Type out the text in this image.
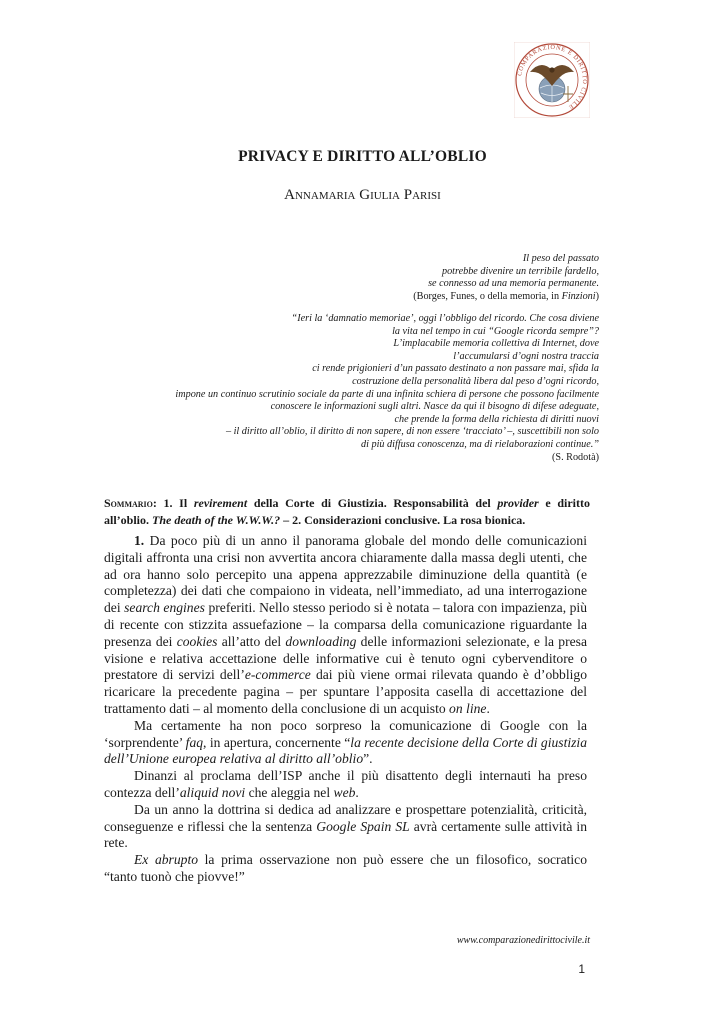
COMPARAZIONE E DIRITTO CIVILE
PRIVACY E DIRITTO ALL’OBLIO
Annamaria Giulia Parisi
Il peso del passato
potrebbe divenire un terribile fardello,
se connesso ad una memoria permanente.
(Borges, Funes, o della memoria, in Finzioni)
“Ieri la ‘damnatio memoriae’, oggi l’obbligo del ricordo. Che cosa diviene
la vita nel tempo in cui “Google ricorda sempre”?
L’implacabile memoria collettiva di Internet, dove
l’accumularsi d’ogni nostra traccia
ci rende prigionieri d’un passato destinato a non passare mai, sfida la
costruzione della personalità libera dal peso d’ogni ricordo,
impone un continuo scrutinio sociale da parte di una infinita schiera di persone che possono facilmente
conoscere le informazioni sugli altri. Nasce da qui il bisogno di difese adeguate,
che prende la forma della richiesta di diritti nuovi
– il diritto all’oblio, il diritto di non sapere, di non essere ‘tracciato’ –, suscettibili non solo
di più diffusa conoscenza, ma di rielaborazioni continue.”
(S. Rodotà)
Sommario: 1. Il revirement della Corte di Giustizia. Responsabilità del provider e diritto all’oblio. The death of the W.W.W.? – 2. Considerazioni conclusive. La rosa bionica.

1. Da poco più di un anno il panorama globale del mondo delle comunicazioni digitali affronta una crisi non avvertita ancora chiaramente dalla massa degli utenti, che ad ora hanno solo percepito una appena apprezzabile diminuzione della quantità (e completezza) dei dati che compaiono in videata, nell’immediato, ad una interrogazione dei search engines preferiti. Nello stesso periodo si è notata – talora con impazienza, più di recente con stizzita assuefazione – la comparsa della comunicazione riguardante la presenza dei cookies all’atto del downloading delle informazioni selezionate, e la presa visione e relativa accettazione delle informative cui è tenuto ogni cybervenditore o prestatore di servizi dell’e-commerce dai più viene ormai rilevata quando è d’obbligo ricaricare la precedente pagina – per spuntare l’apposita casella di accettazione del trattamento dati – al momento della conclusione di un acquisto on line.

Ma certamente ha non poco sorpreso la comunicazione di Google con la ‘sorprendente’ faq, in apertura, concernente “la recente decisione della Corte di giustizia dell’Unione europea relativa al diritto all’oblio”.

Dinanzi al proclama dell’ISP anche il più disattento degli internauti ha preso contezza dell’aliquid novi che aleggia nel web.

Da un anno la dottrina si dedica ad analizzare e prospettare potenzialità, criticità, conseguenze e riflessi che la sentenza Google Spain SL avrà certamente sulle attività in rete.

Ex abrupto la prima osservazione non può essere che un filosofico, socratico “tanto tuonò che piovve!”

www.comparazionedirittocivile.it
1
